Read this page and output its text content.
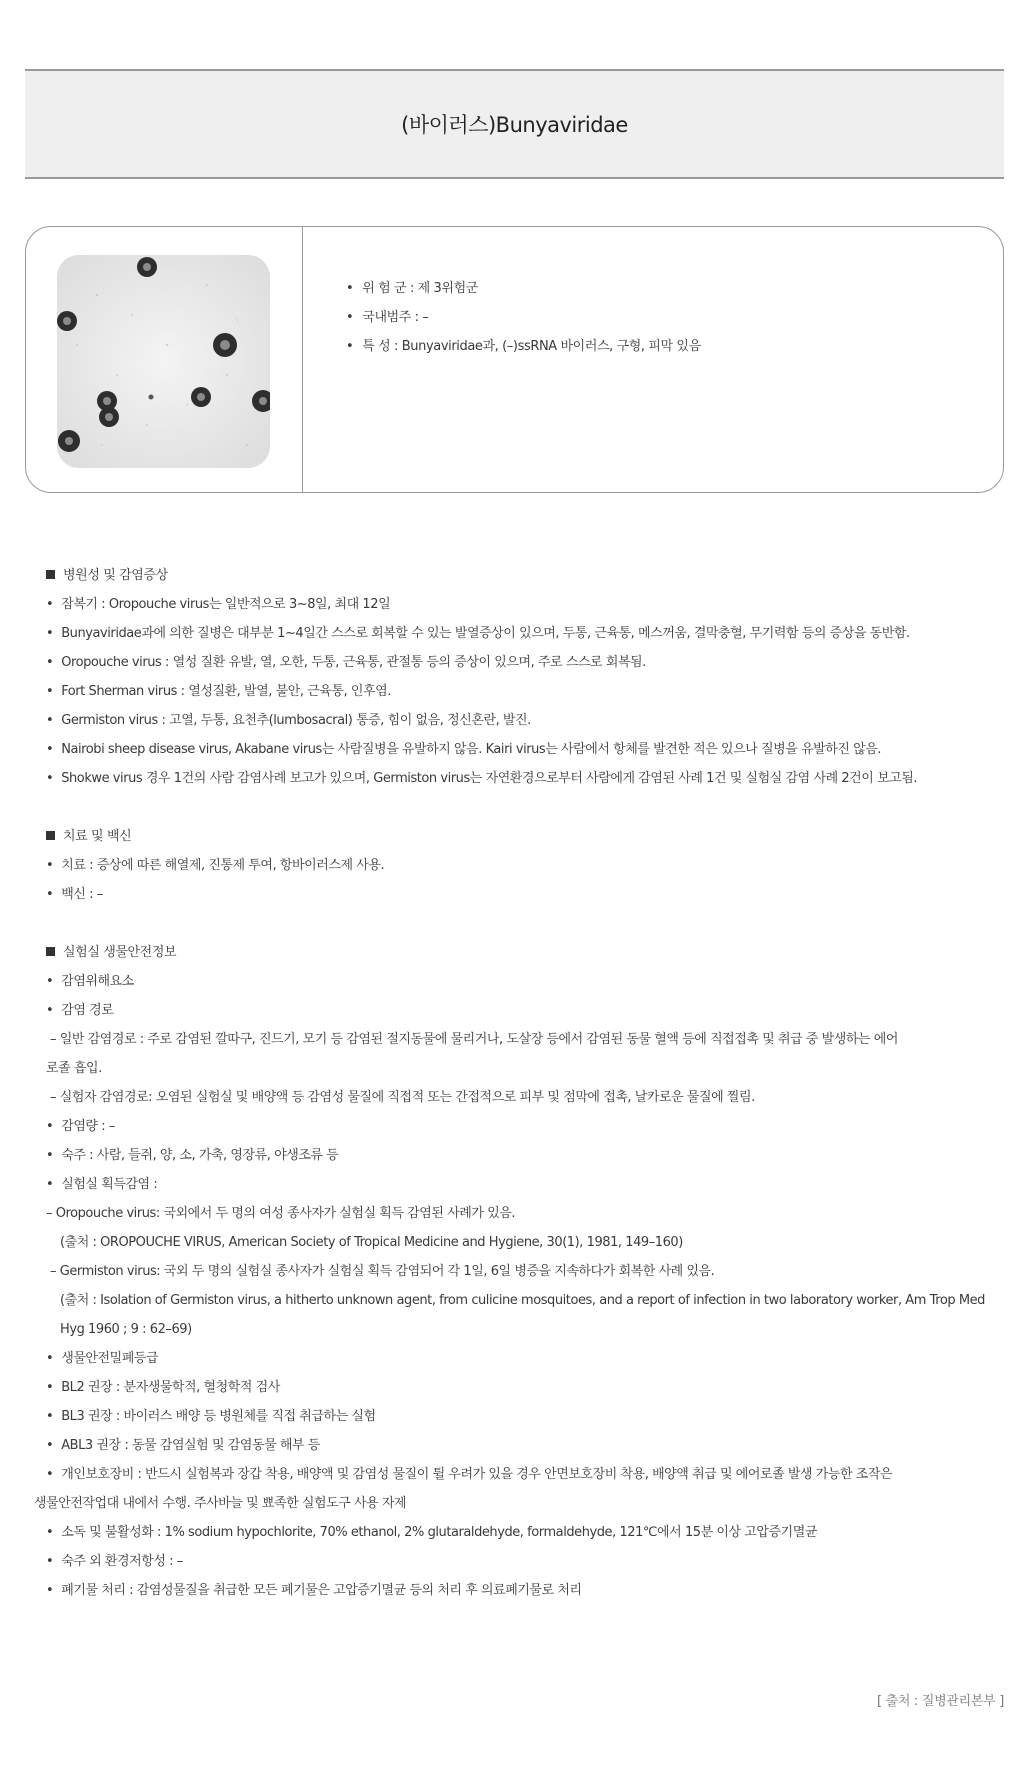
(바이러스)Bunyaviridae
• 위 험 군 : 제 3위험군
• 국내범주 : –
• 특 성 : Bunyaviridae과, (–)ssRNA 바이러스, 구형, 피막 있음

병원성 및 감염증상

• 잠복기 : Oropouche virus는 일반적으로 3~8일, 최대 12일
• Bunyaviridae과에 의한 질병은 대부분 1~4일간 스스로 회복할 수 있는 발열증상이 있으며, 두통, 근육통, 메스꺼움, 결막충혈, 무기력함 등의 증상을 동반함.
• Oropouche virus : 열성 질환 유발, 열, 오한, 두통, 근육통, 관절통 등의 증상이 있으며, 주로 스스로 회복됨.
• Fort Sherman virus : 열성질환, 발열, 불안, 근육통, 인후염.
• Germiston virus : 고열, 두통, 요천추(lumbosacral) 통증, 힘이 없음, 정신혼란, 발진.
• Nairobi sheep disease virus, Akabane virus는 사람질병을 유발하지 않음. Kairi virus는 사람에서 항체를 발견한 적은 있으나 질병을 유발하진 않음.
• Shokwe virus 경우 1건의 사람 감염사례 보고가 있으며, Germiston virus는 자연환경으로부터 사람에게 감염된 사례 1건 및 실험실 감염 사례 2건이 보고됨.

치료 및 백신

• 치료 : 증상에 따른 해열제, 진통제 투여, 항바이러스제 사용.
• 백신 : –

실험실 생물안전정보

• 감염위해요소
• 감염 경로
– 일반 감염경로 : 주로 감염된 깔따구, 진드기, 모기 등 감염된 절지동물에 물리거나, 도살장 등에서 감염된 동물 혈액 등에 직접접촉 및 취급 중 발생하는 에어
로졸 흡입.
– 실험자 감염경로: 오염된 실험실 및 배양액 등 감염성 물질에 직접적 또는 간접적으로 피부 및 점막에 접촉, 날카로운 물질에 찔림.
• 감염량 : –
• 숙주 : 사람, 들쥐, 양, 소, 가축, 영장류, 야생조류 등
• 실험실 획득감염 :
– Oropouche virus: 국외에서 두 명의 여성 종사자가 실험실 획득 감염된 사례가 있음.
(출처 : OROPOUCHE VIRUS, American Society of Tropical Medicine and Hygiene, 30(1), 1981, 149–160)
– Germiston virus: 국외 두 명의 실험실 종사자가 실험실 획득 감염되어 각 1일, 6일 병증을 지속하다가 회복한 사례 있음.
(출처 : Isolation of Germiston virus, a hitherto unknown agent, from culicine mosquitoes, and a report of infection in two laboratory worker, Am Trop Med
Hyg 1960 ; 9 : 62–69)
• 생물안전밀폐등급
• BL2 권장 : 분자생물학적, 혈청학적 검사
• BL3 권장 : 바이러스 배양 등 병원체를 직접 취급하는 실험
• ABL3 권장 : 동물 감염실험 및 감염동물 해부 등
• 개인보호장비 : 반드시 실험복과 장갑 착용, 배양액 및 감염성 물질이 튈 우려가 있을 경우 안면보호장비 착용, 배양액 취급 및 에어로졸 발생 가능한 조작은
생물안전작업대 내에서 수행. 주사바늘 및 뾰족한 실험도구 사용 자제
• 소독 및 불활성화 : 1% sodium hypochlorite, 70% ethanol, 2% glutaraldehyde, formaldehyde, 121℃에서 15분 이상 고압증기멸균
• 숙주 외 환경저항성 : –
• 폐기물 처리 : 감염성물질을 취급한 모든 폐기물은 고압증기멸균 등의 처리 후 의료폐기물로 처리
[ 출처 : 질병관리본부 ]
